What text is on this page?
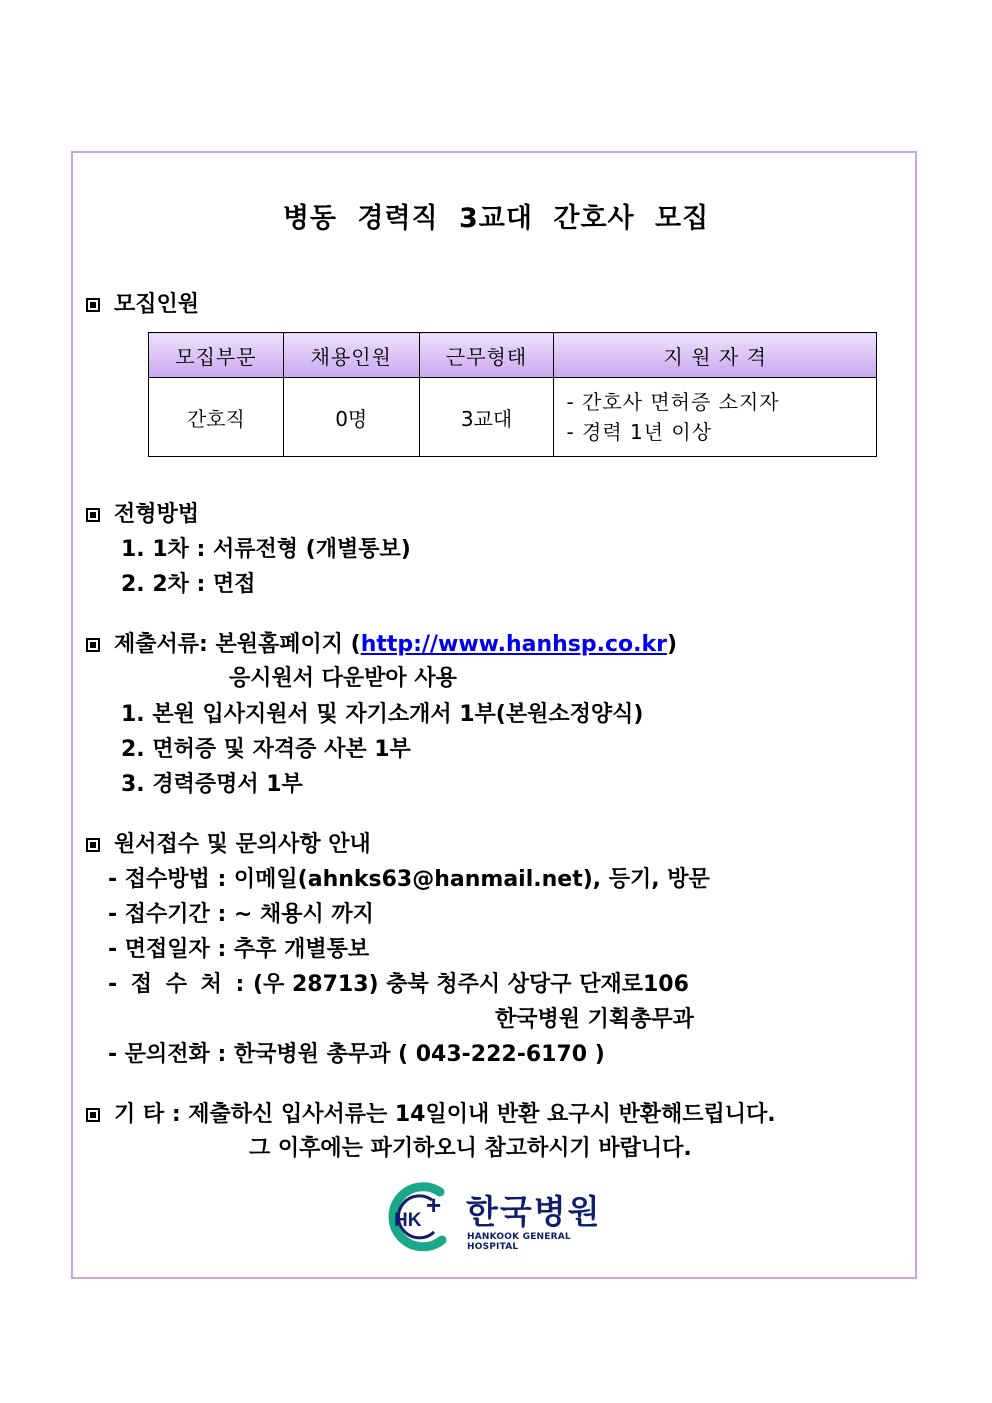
병동 경력직 3교대 간호사 모집
모집인원
모집부문	채용인원	근무형태	지 원 자 격
간호직	0명	3교대	- 간호사 면허증 소지자
- 경력 1년 이상
전형방법
1. 1차 : 서류전형 (개별통보)
2. 2차 : 면접
제출서류: 본원홈페이지 (http://www.hanhsp.co.kr)
응시원서 다운받아 사용
1. 본원 입사지원서 및 자기소개서 1부(본원소정양식)
2. 면허증 및 자격증 사본 1부
3. 경력증명서 1부
원서접수 및 문의사항 안내
- 접수방법 : 이메일(ahnks63@hanmail.net), 등기, 방문
- 접수기간 : ~ 채용시 까지
- 면접일자 : 추후 개별통보
- 접 수 처 : (우 28713) 충북 청주시 상당구 단재로106
한국병원 기획총무과
- 문의전화 : 한국병원 총무과 ( 043-222-6170 )
기 타 : 제출하신 입사서류는 14일이내 반환 요구시 반환해드립니다.
그 이후에는 파기하오니 참고하시기 바랍니다.
HK
+ 한국병원
HANKOOK GENERAL HOSPITAL
